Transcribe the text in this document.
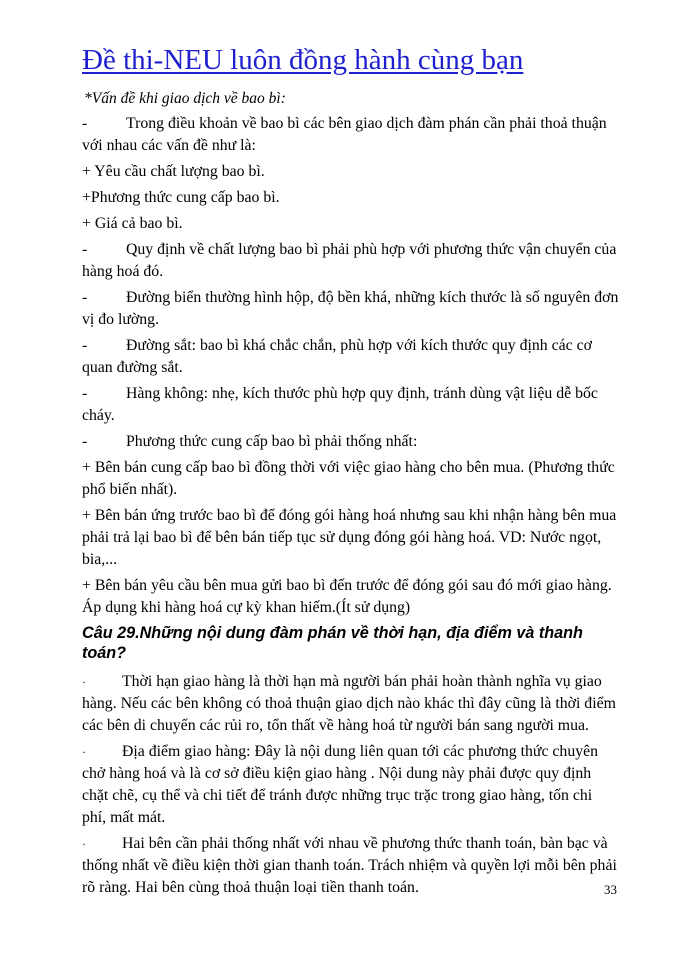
Đề thi-NEU luôn đồng hành cùng bạn
*Vấn đề khi giao dịch về bao bì:

- Trong điều khoản về bao bì các bên giao dịch đàm phán cần phải thoả thuận với nhau các vấn đề như là:

+ Yêu cầu chất lượng bao bì.

+Phương thức cung cấp bao bì.

+ Giá cả bao bì.

- Quy định về chất lượng bao bì phải phù hợp với phương thức vận chuyển của hàng hoá đó.

- Đường biển thường hình hộp, độ bền khá, những kích thước là số nguyên đơn vị đo lường.

- Đường sắt: bao bì khá chắc chắn, phù hợp với kích thước quy định các cơ quan đường sắt.

- Hàng không: nhẹ, kích thước phù hợp quy định, tránh dùng vật liệu dễ bốc cháy.

- Phương thức cung cấp bao bì phải thống nhất:

+ Bên bán cung cấp bao bì đồng thời với việc giao hàng cho bên mua. (Phương thức phổ biến nhất).

+ Bên bán ứng trước bao bì để đóng gói hàng hoá nhưng sau khi nhận hàng bên mua phải trả lại bao bì để bên bán tiếp tục sử dụng đóng gói hàng hoá. VD: Nước ngọt, bia,...

+ Bên bán yêu cầu bên mua gửi bao bì đến trước để đóng gói sau đó mới giao hàng. Áp dụng khi hàng hoá cự kỳ khan hiếm.(Ít sử dụng)

Câu 29.Những nội dung đàm phán về thời hạn, địa điểm và thanh toán?

· Thời hạn giao hàng là thời hạn mà người bán phải hoàn thành nghĩa vụ giao hàng. Nếu các bên không có thoả thuận giao dịch nào khác thì đây cũng là thời điểm các bên di chuyển các rủi ro, tổn thất về hàng hoá từ người bán sang người mua.

· Địa điểm giao hàng: Đây là nội dung liên quan tới các phương thức chuyên chở hàng hoá và là cơ sở điều kiện giao hàng . Nội dung này phải được quy định chặt chẽ, cụ thể và chi tiết để tránh được những trục trặc trong giao hàng, tốn chi phí, mất mát.

· Hai bên cần phải thống nhất với nhau về phương thức thanh toán, bàn bạc và thống nhất về điều kiện thời gian thanh toán. Trách nhiệm và quyền lợi mỗi bên phải rõ ràng. Hai bên cùng thoả thuận loại tiền thanh toán.	33
